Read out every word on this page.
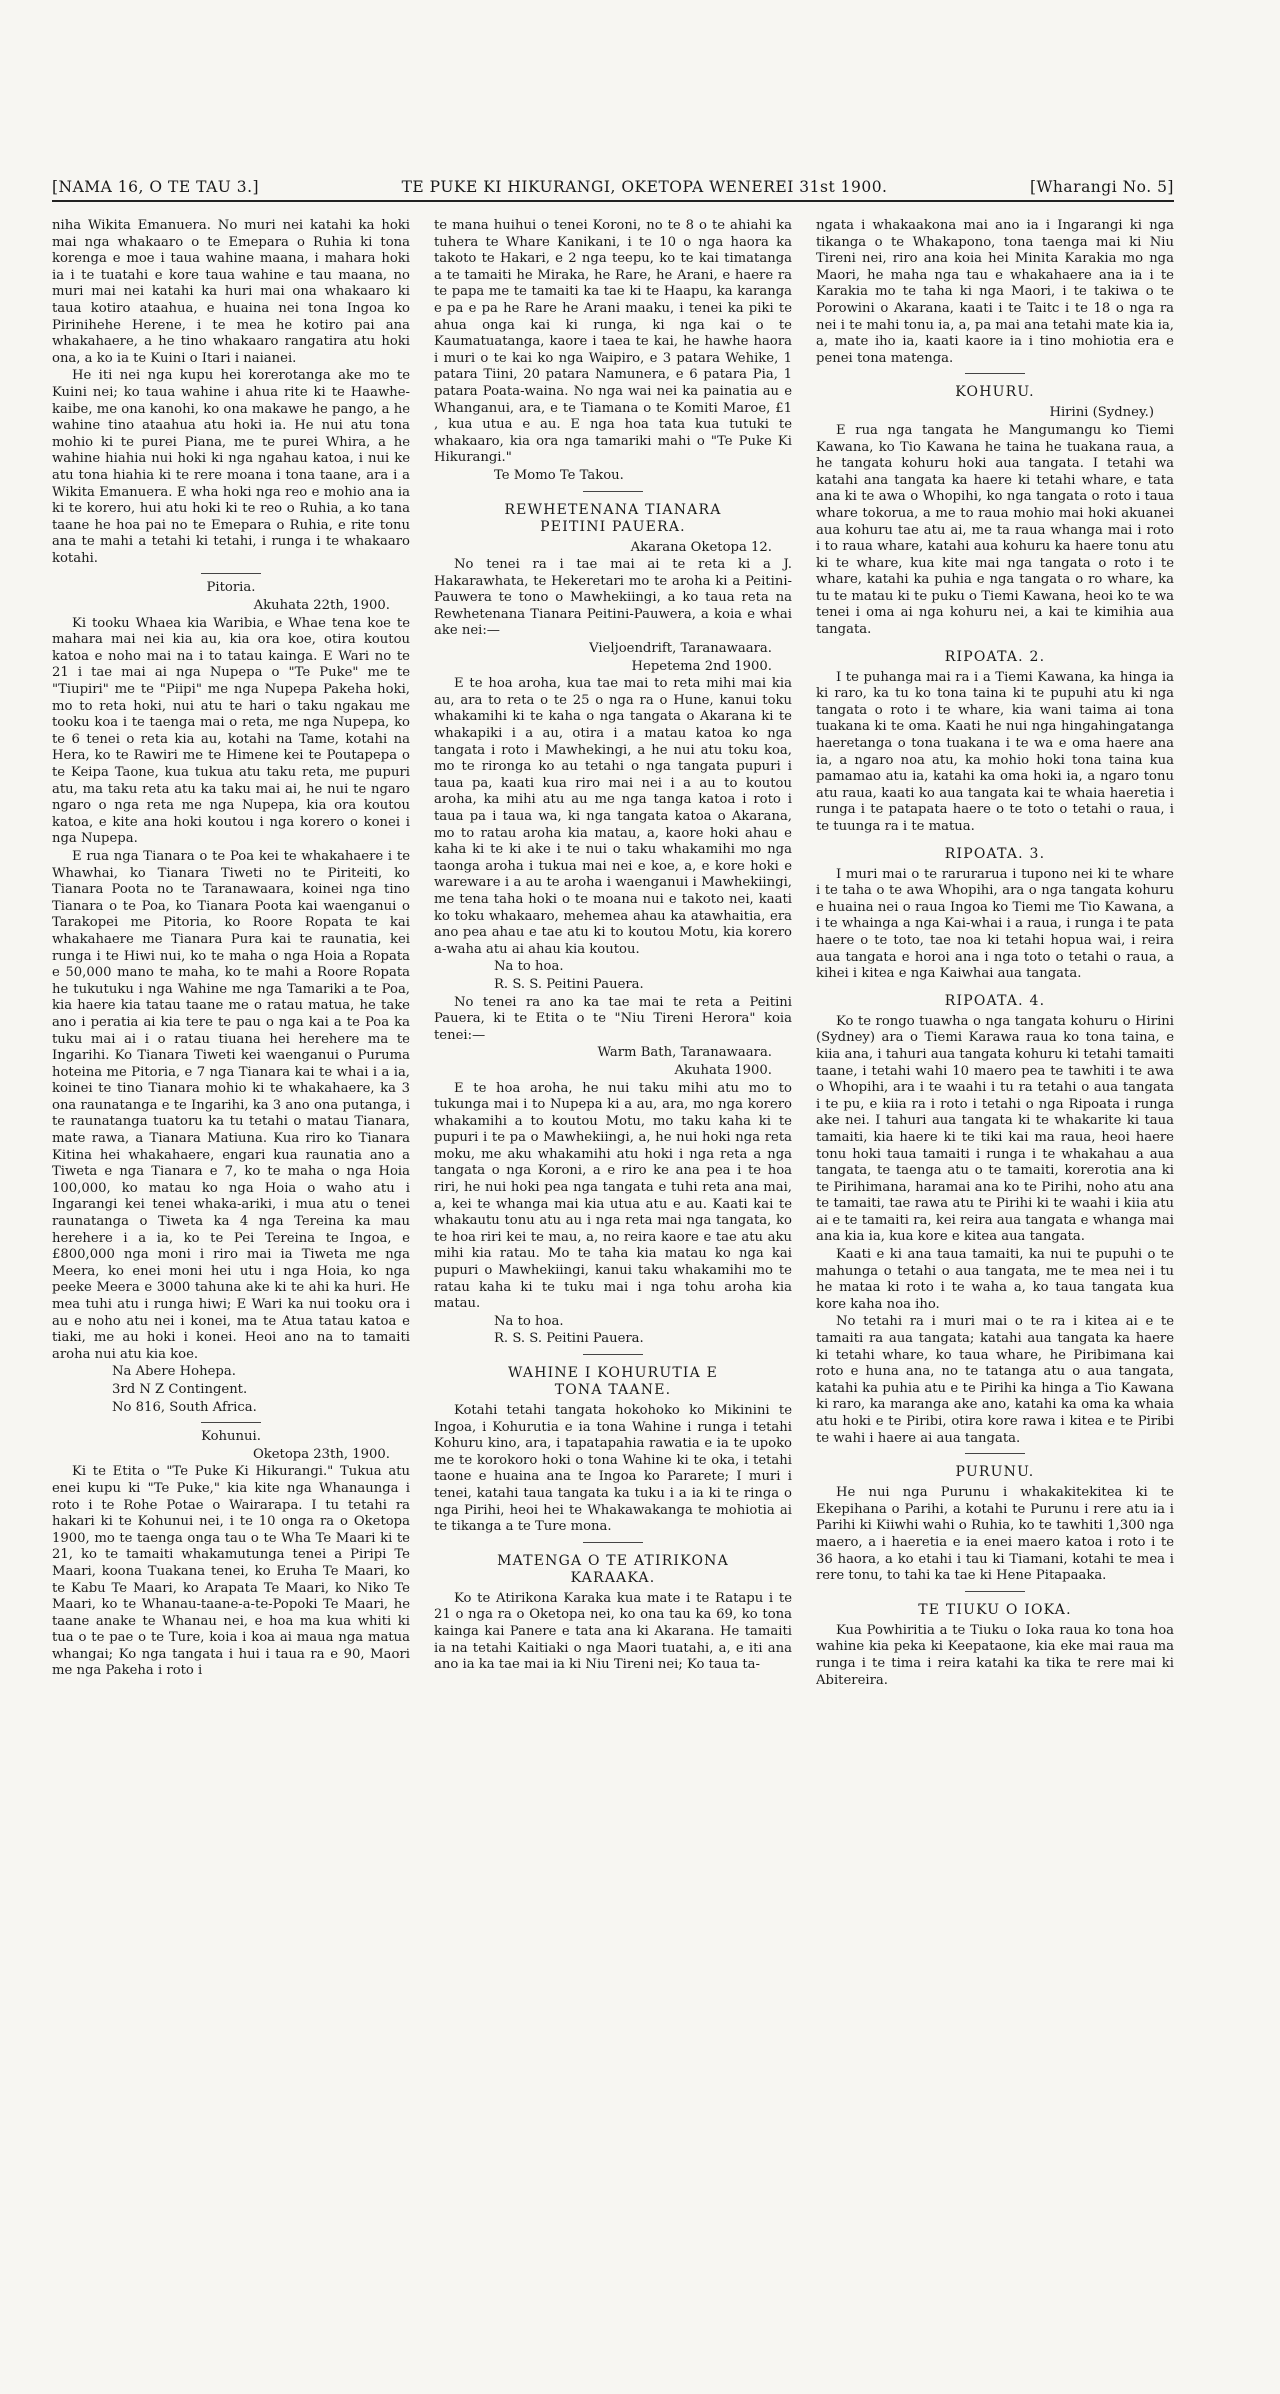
[NAMA 16, O TE TAU 3.]	TE PUKE KI HIKURANGI, OKETOPA WENEREI 31st 1900.	[Wharangi No. 5]

niha Wikita Emanuera. No muri nei katahi ka hoki mai nga whakaaro o te Emepara o Ruhia ki tona korenga e moe i taua wahine maana, i mahara hoki ia i te tuatahi e kore taua wahine e tau maana, no muri mai nei katahi ka huri mai ona whakaaro ki taua kotiro ataahua, e huaina nei tona Ingoa ko Pirinihehe Herene, i te mea he kotiro pai ana whakahaere, a he tino whakaaro rangatira atu hoki ona, a ko ia te Kuini o Itari i naianei.

He iti nei nga kupu hei korerotanga ake mo te Kuini nei; ko taua wahine i ahua rite ki te Haawhe-kaibe, me ona kanohi, ko ona makawe he pango, a he wahine tino ataahua atu hoki ia. He nui atu tona mohio ki te purei Piana, me te purei Whira, a he wahine hiahia nui hoki ki nga ngahau katoa, i nui ke atu tona hiahia ki te rere moana i tona taane, ara i a Wikita Emanuera. E wha hoki nga reo e mohio ana ia ki te korero, hui atu hoki ki te reo o Ruhia, a ko tana taane he hoa pai no te Emepara o Ruhia, e rite tonu ana te mahi a tetahi ki tetahi, i runga i te whakaaro kotahi.

Pitoria.

Akuhata 22th, 1900.

Ki tooku Whaea kia Waribia, e Whae tena koe te mahara mai nei kia au, kia ora koe, otira koutou katoa e noho mai na i to tatau kainga. E Wari no te 21 i tae mai ai nga Nupepa o "Te Puke" me te "Tiupiri" me te "Piipi" me nga Nupepa Pakeha hoki, mo to reta hoki, nui atu te hari o taku ngakau me tooku koa i te taenga mai o reta, me nga Nupepa, ko te 6 tenei o reta kia au, kotahi na Tame, kotahi na Hera, ko te Rawiri me te Himene kei te Poutapepa o te Keipa Taone, kua tukua atu taku reta, me pupuri atu, ma taku reta atu ka taku mai ai, he nui te ngaro ngaro o nga reta me nga Nupepa, kia ora koutou katoa, e kite ana hoki koutou i nga korero o konei i nga Nupepa.

E rua nga Tianara o te Poa kei te whakahaere i te Whawhai, ko Tianara Tiweti no te Piriteiti, ko Tianara Poota no te Taranawaara, koinei nga tino Tianara o te Poa, ko Tianara Poota kai waenganui o Tarakopei me Pitoria, ko Roore Ropata te kai whakahaere me Tianara Pura kai te raunatia, kei runga i te Hiwi nui, ko te maha o nga Hoia a Ropata e 50,000 mano te maha, ko te mahi a Roore Ropata he tukutuku i nga Wahine me nga Tamariki a te Poa, kia haere kia tatau taane me o ratau matua, he take ano i peratia ai kia tere te pau o nga kai a te Poa ka tuku mai ai i o ratau tiuana hei herehere ma te Ingarihi. Ko Tianara Tiweti kei waenganui o Puruma hoteina me Pitoria, e 7 nga Tianara kai te whai i a ia, koinei te tino Tianara mohio ki te whakahaere, ka 3 ona raunatanga e te Ingarihi, ka 3 ano ona putanga, i te raunatanga tuatoru ka tu tetahi o matau Tianara, mate rawa, a Tianara Matiuna. Kua riro ko Tianara Kitina hei whakahaere, engari kua raunatia ano a Tiweta e nga Tianara e 7, ko te maha o nga Hoia 100,000, ko matau ko nga Hoia o waho atu i Ingarangi kei tenei whaka-ariki, i mua atu o tenei raunatanga o Tiweta ka 4 nga Tereina ka mau herehere i a ia, ko te Pei Tereina te Ingoa, e £800,000 nga moni i riro mai ia Tiweta me nga Meera, ko enei moni hei utu i nga Hoia, ko nga peeke Meera e 3000 tahuna ake ki te ahi ka huri. He mea tuhi atu i runga hiwi; E Wari ka nui tooku ora i au e noho atu nei i konei, ma te Atua tatau katoa e tiaki, me au hoki i konei. Heoi ano na to tamaiti aroha nui atu kia koe.

Na Abere Hohepa.

3rd N Z Contingent.

No 816, South Africa.

Kohunui.

Oketopa 23th, 1900.

Ki te Etita o "Te Puke Ki Hikurangi." Tukua atu enei kupu ki "Te Puke," kia kite nga Whanaunga i roto i te Rohe Potae o Wairarapa. I tu tetahi ra hakari ki te Kohunui nei, i te 10 onga ra o Oketopa 1900, mo te taenga onga tau o te Wha Te Maari ki te 21, ko te tamaiti whakamutunga tenei a Piripi Te Maari, koona Tuakana tenei, ko Eruha Te Maari, ko te Kabu Te Maari, ko Arapata Te Maari, ko Niko Te Maari, ko te Whanau-taane-a-te-Popoki Te Maari, he taane anake te Whanau nei, e hoa ma kua whiti ki tua o te pae o te Ture, koia i koa ai maua nga matua whangai; Ko nga tangata i hui i taua ra e 90, Maori me nga Pakeha i roto i

te mana huihui o tenei Koroni, no te 8 o te ahiahi ka tuhera te Whare Kanikani, i te 10 o nga haora ka takoto te Hakari, e 2 nga teepu, ko te kai timatanga a te tamaiti he Miraka, he Rare, he Arani, e haere ra te papa me te tamaiti ka tae ki te Haapu, ka karanga e pa e pa he Rare he Arani maaku, i tenei ka piki te ahua onga kai ki runga, ki nga kai o te Kaumatuatanga, kaore i taea te kai, he hawhe haora i muri o te kai ko nga Waipiro, e 3 patara Wehike, 1 patara Tiini, 20 patara Namunera, e 6 patara Pia, 1 patara Poata-waina. No nga wai nei ka painatia au e Whanganui, ara, e te Tiamana o te Komiti Maroe, £1 , kua utua e au. E nga hoa tata kua tutuki te whakaaro, kia ora nga tamariki mahi o "Te Puke Ki Hikurangi."

Te Momo Te Takou.

REWHETENANA TIANARA
PEITINI PAUERA.

Akarana Oketopa 12.

No tenei ra i tae mai ai te reta ki a J. Hakarawhata, te Hekeretari mo te aroha ki a Peitini-Pauwera te tono o Mawhekiingi, a ko taua reta na Rewhetenana Tianara Peitini-Pauwera, a koia e whai ake nei:—

Vieljoendrift, Taranawaara.

Hepetema 2nd 1900.

E te hoa aroha, kua tae mai to reta mihi mai kia au, ara to reta o te 25 o nga ra o Hune, kanui toku whakamihi ki te kaha o nga tangata o Akarana ki te whakapiki i a au, otira i a matau katoa ko nga tangata i roto i Mawhekingi, a he nui atu toku koa, mo te rironga ko au tetahi o nga tangata pupuri i taua pa, kaati kua riro mai nei i a au to koutou aroha, ka mihi atu au me nga tanga katoa i roto i taua pa i taua wa, ki nga tangata katoa o Akarana, mo to ratau aroha kia matau, a, kaore hoki ahau e kaha ki te ki ake i te nui o taku whakamihi mo nga taonga aroha i tukua mai nei e koe, a, e kore hoki e wareware i a au te aroha i waenganui i Mawhekiingi, me tena taha hoki o te moana nui e takoto nei, kaati ko toku whakaaro, mehemea ahau ka atawhaitia, era ano pea ahau e tae atu ki to koutou Motu, kia korero a-waha atu ai ahau kia koutou.

Na to hoa.

R. S. S. Peitini Pauera.

No tenei ra ano ka tae mai te reta a Peitini Pauera, ki te Etita o te "Niu Tireni Herora" koia tenei:—

Warm Bath, Taranawaara.

Akuhata 1900.

E te hoa aroha, he nui taku mihi atu mo to tukunga mai i to Nupepa ki a au, ara, mo nga korero whakamihi a to koutou Motu, mo taku kaha ki te pupuri i te pa o Mawhekiingi, a, he nui hoki nga reta moku, me aku whakamihi atu hoki i nga reta a nga tangata o nga Koroni, a e riro ke ana pea i te hoa riri, he nui hoki pea nga tangata e tuhi reta ana mai, a, kei te whanga mai kia utua atu e au. Kaati kai te whakautu tonu atu au i nga reta mai nga tangata, ko te hoa riri kei te mau, a, no reira kaore e tae atu aku mihi kia ratau. Mo te taha kia matau ko nga kai pupuri o Mawhekiingi, kanui taku whakamihi mo te ratau kaha ki te tuku mai i nga tohu aroha kia matau.

Na to hoa.

R. S. S. Peitini Pauera.

WAHINE I KOHURUTIA E
TONA TAANE.

Kotahi tetahi tangata hokohoko ko Mikinini te Ingoa, i Kohurutia e ia tona Wahine i runga i tetahi Kohuru kino, ara, i tapatapahia rawatia e ia te upoko me te korokoro hoki o tona Wahine ki te oka, i tetahi taone e huaina ana te Ingoa ko Pararete; I muri i tenei, katahi taua tangata ka tuku i a ia ki te ringa o nga Pirihi, heoi hei te Whakawakanga te mohiotia ai te tikanga a te Ture mona.

MATENGA O TE ATIRIKONA
KARAAKA.

Ko te Atirikona Karaka kua mate i te Ratapu i te 21 o nga ra o Oketopa nei, ko ona tau ka 69, ko tona kainga kai Panere e tata ana ki Akarana. He tamaiti ia na tetahi Kaitiaki o nga Maori tuatahi, a, e iti ana ano ia ka tae mai ia ki Niu Tireni nei; Ko taua ta-

ngata i whakaakona mai ano ia i Ingarangi ki nga tikanga o te Whakapono, tona taenga mai ki Niu Tireni nei, riro ana koia hei Minita Karakia mo nga Maori, he maha nga tau e whakahaere ana ia i te Karakia mo te taha ki nga Maori, i te takiwa o te Porowini o Akarana, kaati i te Taitc i te 18 o nga ra nei i te mahi tonu ia, a, pa mai ana tetahi mate kia ia, a, mate iho ia, kaati kaore ia i tino mohiotia era e penei tona matenga.

KOHURU.

Hirini (Sydney.)

E rua nga tangata he Mangumangu ko Tiemi Kawana, ko Tio Kawana he taina he tuakana raua, a he tangata kohuru hoki aua tangata. I tetahi wa katahi ana tangata ka haere ki tetahi whare, e tata ana ki te awa o Whopihi, ko nga tangata o roto i taua whare tokorua, a me to raua mohio mai hoki akuanei aua kohuru tae atu ai, me ta raua whanga mai i roto i to raua whare, katahi aua kohuru ka haere tonu atu ki te whare, kua kite mai nga tangata o roto i te whare, katahi ka puhia e nga tangata o ro whare, ka tu te matau ki te puku o Tiemi Kawana, heoi ko te wa tenei i oma ai nga kohuru nei, a kai te kimihia aua tangata.

RIPOATA. 2.

I te puhanga mai ra i a Tiemi Kawana, ka hinga ia ki raro, ka tu ko tona taina ki te pupuhi atu ki nga tangata o roto i te whare, kia wani taima ai tona tuakana ki te oma. Kaati he nui nga hingahingatanga haeretanga o tona tuakana i te wa e oma haere ana ia, a ngaro noa atu, ka mohio hoki tona taina kua pamamao atu ia, katahi ka oma hoki ia, a ngaro tonu atu raua, kaati ko aua tangata kai te whaia haeretia i runga i te patapata haere o te toto o tetahi o raua, i te tuunga ra i te matua.

RIPOATA. 3.

I muri mai o te rarurarua i tupono nei ki te whare i te taha o te awa Whopihi, ara o nga tangata kohuru e huaina nei o raua Ingoa ko Tiemi me Tio Kawana, a i te whainga a nga Kai-whai i a raua, i runga i te pata haere o te toto, tae noa ki tetahi hopua wai, i reira aua tangata e horoi ana i nga toto o tetahi o raua, a kihei i kitea e nga Kaiwhai aua tangata.

RIPOATA. 4.

Ko te rongo tuawha o nga tangata kohuru o Hirini (Sydney) ara o Tiemi Karawa raua ko tona taina, e kiia ana, i tahuri aua tangata kohuru ki tetahi tamaiti taane, i tetahi wahi 10 maero pea te tawhiti i te awa o Whopihi, ara i te waahi i tu ra tetahi o aua tangata i te pu, e kiia ra i roto i tetahi o nga Ripoata i runga ake nei. I tahuri aua tangata ki te whakarite ki taua tamaiti, kia haere ki te tiki kai ma raua, heoi haere tonu hoki taua tamaiti i runga i te whakahau a aua tangata, te taenga atu o te tamaiti, korerotia ana ki te Pirihimana, haramai ana ko te Pirihi, noho atu ana te tamaiti, tae rawa atu te Pirihi ki te waahi i kiia atu ai e te tamaiti ra, kei reira aua tangata e whanga mai ana kia ia, kua kore e kitea aua tangata.

Kaati e ki ana taua tamaiti, ka nui te pupuhi o te mahunga o tetahi o aua tangata, me te mea nei i tu he mataa ki roto i te waha a, ko taua tangata kua kore kaha noa iho.

No tetahi ra i muri mai o te ra i kitea ai e te tamaiti ra aua tangata; katahi aua tangata ka haere ki tetahi whare, ko taua whare, he Piribimana kai roto e huna ana, no te tatanga atu o aua tangata, katahi ka puhia atu e te Pirihi ka hinga a Tio Kawana ki raro, ka maranga ake ano, katahi ka oma ka whaia atu hoki e te Piribi, otira kore rawa i kitea e te Piribi te wahi i haere ai aua tangata.

PURUNU.

He nui nga Purunu i whakakitekitea ki te Ekepihana o Parihi, a kotahi te Purunu i rere atu ia i Parihi ki Kiiwhi wahi o Ruhia, ko te tawhiti 1,300 nga maero, a i haeretia e ia enei maero katoa i roto i te 36 haora, a ko etahi i tau ki Tiamani, kotahi te mea i rere tonu, to tahi ka tae ki Hene Pitapaaka.

TE TIUKU O IOKA.

Kua Powhiritia a te Tiuku o Ioka raua ko tona hoa wahine kia peka ki Keepataone, kia eke mai raua ma runga i te tima i reira katahi ka tika te rere mai ki Abitereira.
